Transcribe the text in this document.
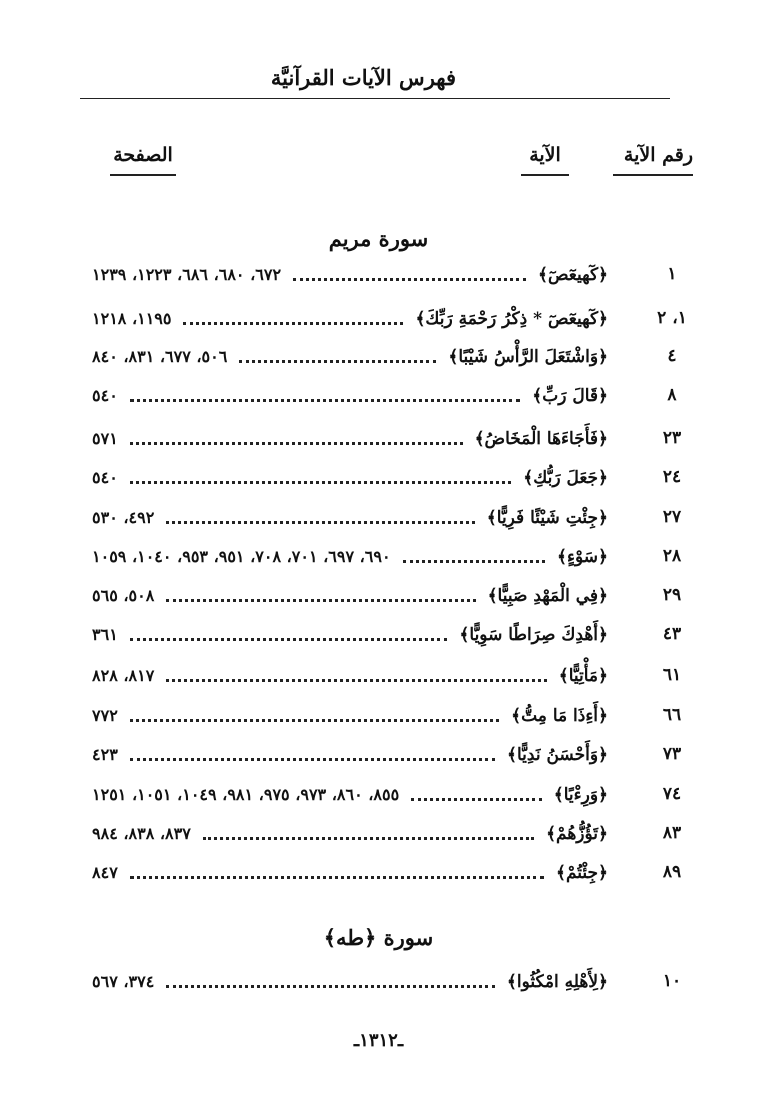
فهرس الآيات القرآنيَّة
رقم الآية
الآية
الصفحة
سورة مريم
١
﴿كٓهيعٓصٓ﴾
٦٧٢، ٦٨٠، ٦٨٦، ١٢٢٣، ١٢٣٩
١، ٢
﴿كٓهيعٓصٓ * ذِكْرُ رَحْمَةِ رَبِّكَ﴾
١١٩٥، ١٢١٨
٤
﴿وَاشْتَعَلَ الرَّأْسُ شَيْبًا﴾
٥٠٦، ٦٧٧، ٨٣١، ٨٤٠
٨
﴿قَالَ رَبِّ﴾
٥٤٠
٢٣
﴿فَأَجَاءَهَا الْمَخَاضُ﴾
٥٧١
٢٤
﴿جَعَلَ رَبُّكِ﴾
٥٤٠
٢٧
﴿جِئْتِ شَيْئًا فَرِيًّا﴾
٤٩٢، ٥٣٠
٢٨
﴿سَوْءٍ﴾
٦٩٠، ٦٩٧، ٧٠١، ٧٠٨، ٩٥١، ٩٥٣، ١٠٤٠، ١٠٥٩
٢٩
﴿فِي الْمَهْدِ صَبِيًّا﴾
٥٠٨، ٥٦٥
٤٣
﴿أَهْدِكَ صِرَاطًا سَوِيًّا﴾
٣٦١
٦١
﴿مَأْتِيًّا﴾
٨١٧، ٨٢٨
٦٦
﴿أَءِذَا مَا مِتُّ﴾
٧٧٢
٧٣
﴿وَأَحْسَنُ نَدِيًّا﴾
٤٢٣
٧٤
﴿وَرِءْيًا﴾
٨٥٥، ٨٦٠، ٩٧٣، ٩٧٥، ٩٨١، ١٠٤٩، ١٠٥١، ١٢٥١
٨٣
﴿تَؤُزُّهُمْ﴾
٨٣٧، ٨٣٨، ٩٨٤
٨٩
﴿جِئْتُمْ﴾
٨٤٧
سورة ﴿طه﴾
١٠
﴿لِأَهْلِهِ امْكُثُوا﴾
٣٧٤، ٥٦٧
ـ١٣١٢ـ
